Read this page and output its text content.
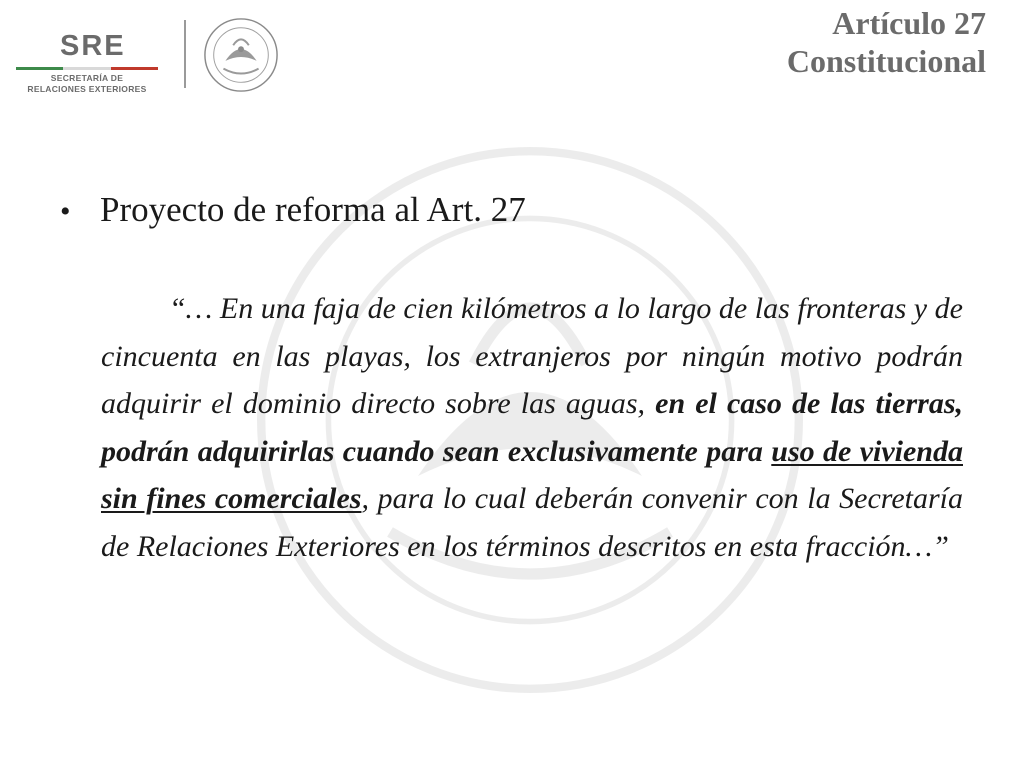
SRE
SECRETARÍA DE
RELACIONES EXTERIORES
Artículo 27
Constitucional
• Proyecto de reforma al Art. 27

“… En una faja de cien kilómetros a lo largo de las fronteras y de cincuenta en las playas, los extranjeros por ningún motivo podrán adquirir el dominio directo sobre las aguas, en el caso de las tierras, podrán adquirirlas cuando sean exclusivamente para uso de vivienda sin fines comerciales, para lo cual deberán convenir con la Secretaría de Relaciones Exteriores en los términos descritos en esta fracción…”
